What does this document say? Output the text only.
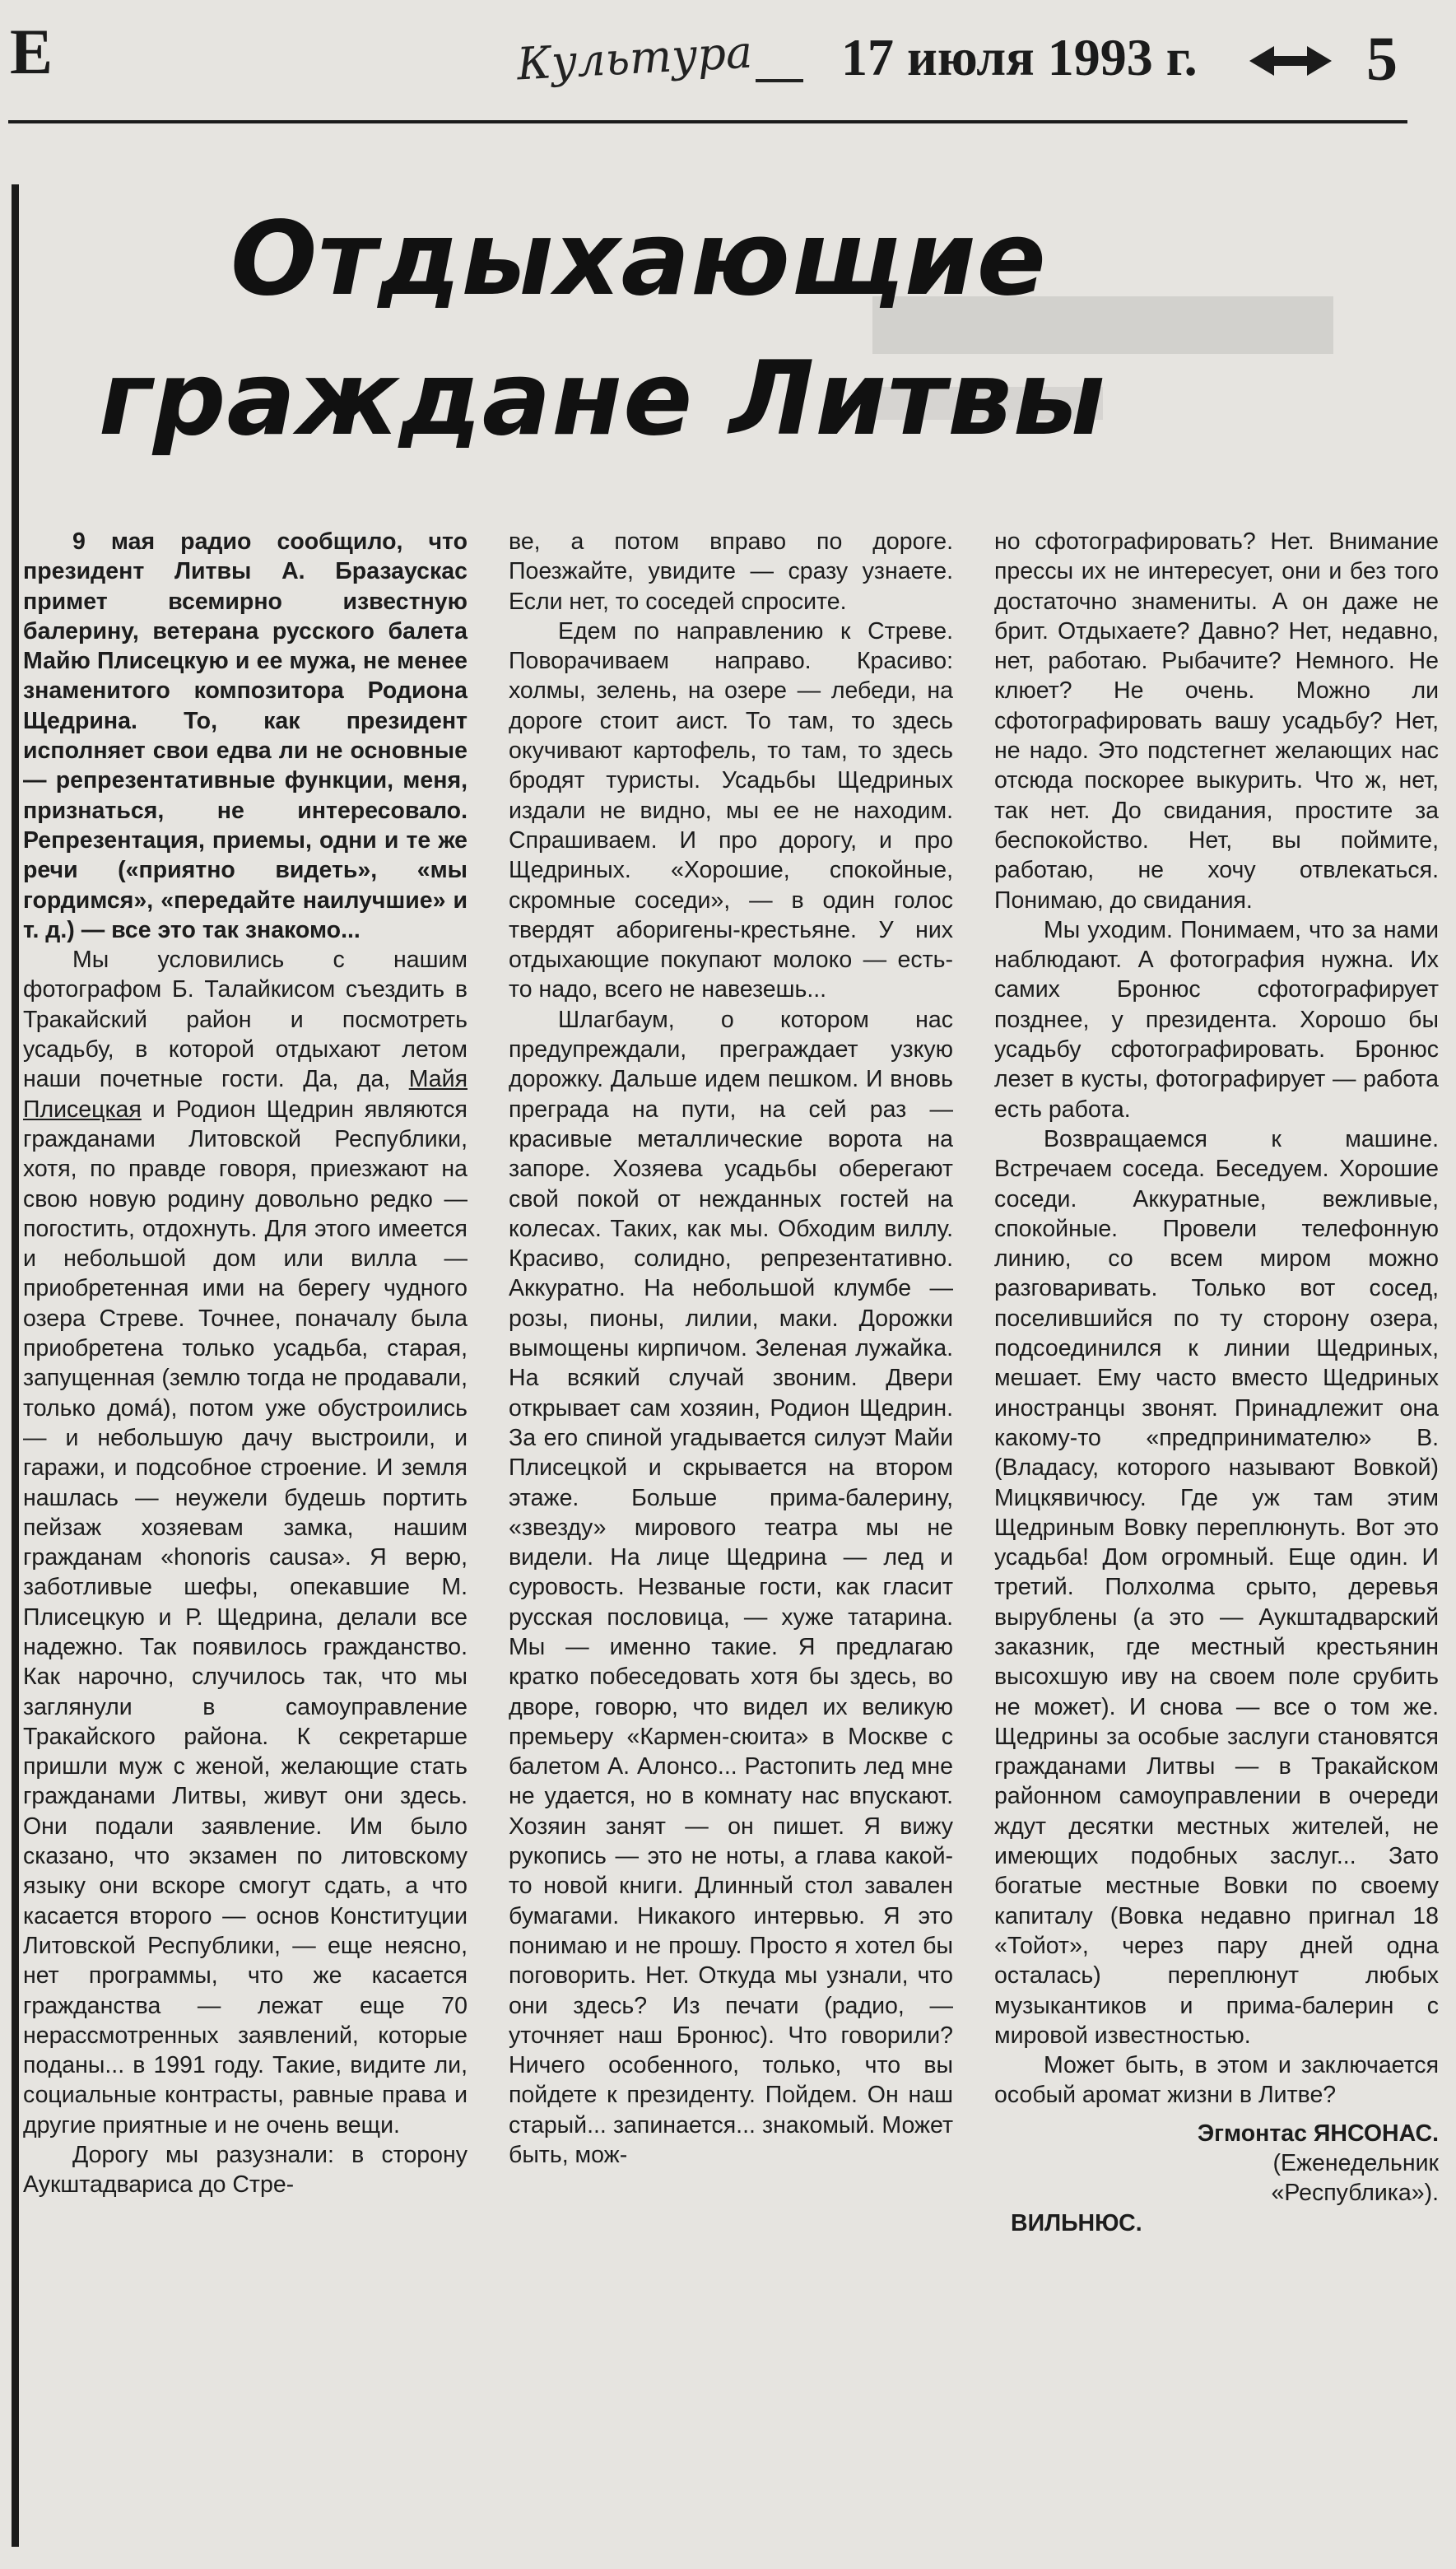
Е	Культура 17 июля 1993 г.	5
Отдыхающие
граждане Литвы

9 мая радио сообщило, что президент Литвы А. Бразаускас примет всемирно известную балерину, ветерана русского балета Майю Плисецкую и ее мужа, не менее знаменитого композитора Родиона Щедрина. То, как президент исполняет свои едва ли не основные — репрезентативные функции, меня, признаться, не интересовало. Репрезентация, приемы, одни и те же речи («приятно видеть», «мы гордимся», «передайте наилучшие» и т. д.) — все это так знакомо...

Мы условились с нашим фотографом Б. Талайкисом съездить в Тракайский район и посмотреть усадьбу, в которой отдыхают летом наши почетные гости. Да, да, Майя Плисецкая и Родион Щедрин являются гражданами Литовской Республики, хотя, по правде говоря, приезжают на свою новую родину довольно редко — погостить, отдохнуть. Для этого имеется и небольшой дом или вилла — приобретенная ими на берегу чудного озера Стреве. Точнее, поначалу была приобретена только усадьба, старая, запущенная (землю тогда не продавали, только домá), потом уже обустроились — и небольшую дачу выстроили, и гаражи, и подсобное строение. И земля нашлась — неужели будешь портить пейзаж хозяевам замка, нашим гражданам «honoris causa». Я верю, заботливые шефы, опекавшие М. Плисецкую и Р. Щедрина, делали все надежно. Так появилось гражданство. Как нарочно, случилось так, что мы заглянули в самоуправление Тракайского района. К секретарше пришли муж с женой, желающие стать гражданами Литвы, живут они здесь. Они подали заявление. Им было сказано, что экзамен по литовскому языку они вскоре смогут сдать, а что касается второго — основ Конституции Литовской Республики, — еще неясно, нет программы, что же касается гражданства — лежат еще 70 нерассмотренных заявлений, которые поданы... в 1991 году. Такие, видите ли, социальные контрасты, равные права и другие приятные и не очень вещи.

Дорогу мы разузнали: в сторону Аукштадвариса до Стре-

ве, а потом вправо по дороге. Поезжайте, увидите — сразу узнаете. Если нет, то соседей спросите.

Едем по направлению к Стреве. Поворачиваем направо. Красиво: холмы, зелень, на озере — лебеди, на дороге стоит аист. То там, то здесь окучивают картофель, то там, то здесь бродят туристы. Усадьбы Щедриных издали не видно, мы ее не находим. Спрашиваем. И про дорогу, и про Щедриных. «Хорошие, спокойные, скромные соседи», — в один голос твердят аборигены-крестьяне. У них отдыхающие покупают молоко — есть-то надо, всего не навезешь...

Шлагбаум, о котором нас предупреждали, преграждает узкую дорожку. Дальше идем пешком. И вновь преграда на пути, на сей раз — красивые металлические ворота на запоре. Хозяева усадьбы оберегают свой покой от нежданных гостей на колесах. Таких, как мы. Обходим виллу. Красиво, солидно, репрезентативно. Аккуратно. На небольшой клумбе — розы, пионы, лилии, маки. Дорожки вымощены кирпичом. Зеленая лужайка. На всякий случай звоним. Двери открывает сам хозяин, Родион Щедрин. За его спиной угадывается силуэт Майи Плисецкой и скрывается на втором этаже. Больше прима-балерину, «звезду» мирового театра мы не видели. На лице Щедрина — лед и суровость. Незваные гости, как гласит русская пословица, — хуже татарина. Мы — именно такие. Я предлагаю кратко побеседовать хотя бы здесь, во дворе, говорю, что видел их великую премьеру «Кармен-сюита» в Москве с балетом А. Алонсо... Растопить лед мне не удается, но в комнату нас впускают. Хозяин занят — он пишет. Я вижу рукопись — это не ноты, а глава какой-то новой книги. Длинный стол завален бумагами. Никакого интервью. Я это понимаю и не прошу. Просто я хотел бы поговорить. Нет. Откуда мы узнали, что они здесь? Из печати (радио, — уточняет наш Бронюс). Что говорили? Ничего особенного, только, что вы пойдете к президенту. Пойдем. Он наш старый... запинается... знакомый. Может быть, мож-

но сфотографировать? Нет. Внимание прессы их не интересует, они и без того достаточно знамениты. А он даже не брит. Отдыхаете? Давно? Нет, недавно, нет, работаю. Рыбачите? Немного. Не клюет? Не очень. Можно ли сфотографировать вашу усадьбу? Нет, не надо. Это подстегнет желающих нас отсюда поскорее выкурить. Что ж, нет, так нет. До свидания, простите за беспокойство. Нет, вы поймите, работаю, не хочу отвлекаться. Понимаю, до свидания.

Мы уходим. Понимаем, что за нами наблюдают. А фотография нужна. Их самих Бронюс сфотографирует позднее, у президента. Хорошо бы усадьбу сфотографировать. Бронюс лезет в кусты, фотографирует — работа есть работа.

Возвращаемся к машине. Встречаем соседа. Беседуем. Хорошие соседи. Аккуратные, вежливые, спокойные. Провели телефонную линию, со всем миром можно разговаривать. Только вот сосед, поселившийся по ту сторону озера, подсоединился к линии Щедриных, мешает. Ему часто вместо Щедриных иностранцы звонят. Принадлежит она какому-то «предпринимателю» В. (Владасу, которого называют Вовкой) Мицкявичюсу. Где уж там этим Щедриным Вовку переплюнуть. Вот это усадьба! Дом огромный. Еще один. И третий. Полхолма срыто, деревья вырублены (а это — Аукштадварский заказник, где местный крестьянин высохшую иву на своем поле срубить не может). И снова — все о том же. Щедрины за особые заслуги становятся гражданами Литвы — в Тракайском районном самоуправлении в очереди ждут десятки местных жителей, не имеющих подобных заслуг... Зато богатые местные Вовки по своему капиталу (Вовка недавно пригнал 18 «Тойот», через пару дней одна осталась) переплюнут любых музыкантиков и прима-балерин с мировой известностью.

Может быть, в этом и заключается особый аромат жизни в Литве?

Эгмонтас ЯНСОНАС.

(Еженедельник

«Республика»).

ВИЛЬНЮС.
